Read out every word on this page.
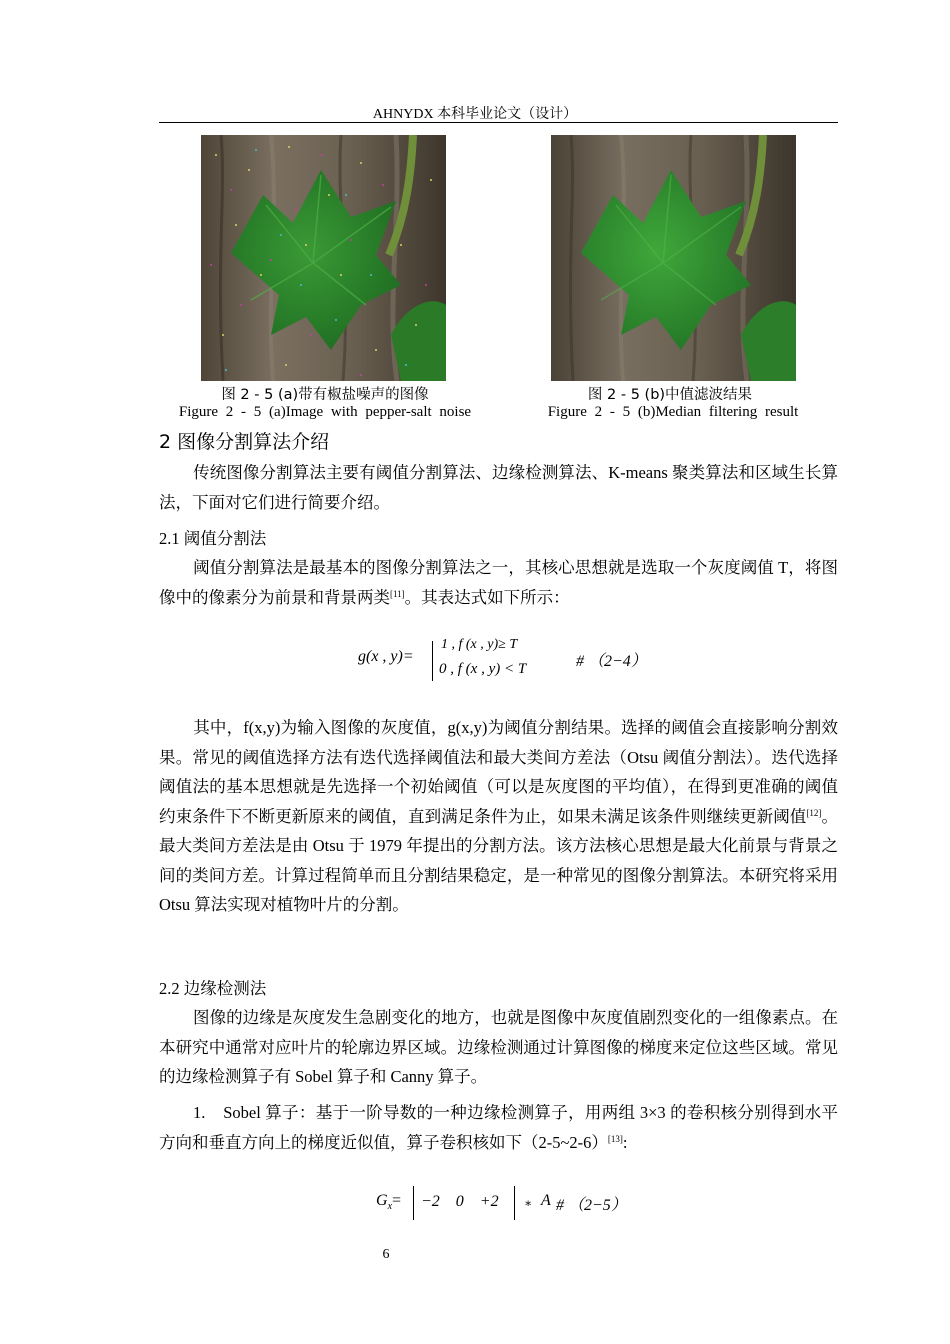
AHNYDX 本科毕业论文（设计）
图 2 - 5 (a)带有椒盐噪声的图像	图 2 - 5 (b)中值滤波结果
Figure 2 - 5 (a)Image with pepper-salt noise	Figure 2 - 5 (b)Median filtering result
2 图像分割算法介绍
传统图像分割算法主要有阈值分割算法、边缘检测算法、K-means 聚类算法和区域生长算法，下面对它们进行简要介绍。
2.1 阈值分割法
阈值分割算法是最基本的图像分割算法之一，其核心思想就是选取一个灰度阈值 T，将图像中的像素分为前景和背景两类[11]。其表达式如下所示：
g(x , y)=
1 , f (x , y)≥ T
0 , f (x , y) < T	# （2−4）
其中，f(x,y)为输入图像的灰度值，g(x,y)为阈值分割结果。选择的阈值会直接影响分割效果。常见的阈值选择方法有迭代选择阈值法和最大类间方差法（Otsu 阈值分割法）。迭代选择阈值法的基本思想就是先选择一个初始阈值（可以是灰度图的平均值），在得到更准确的阈值约束条件下不断更新原来的阈值，直到满足条件为止，如果未满足该条件则继续更新阈值[12]。最大类间方差法是由 Otsu 于 1979 年提出的分割方法。该方法核心思想是最大化前景与背景之间的类间方差。计算过程简单而且分割结果稳定，是一种常见的图像分割算法。本研究将采用 Otsu 算法实现对植物叶片的分割。
2.2 边缘检测法
图像的边缘是灰度发生急剧变化的地方，也就是图像中灰度值剧烈变化的一组像素点。在本研究中通常对应叶片的轮廓边界区域。边缘检测通过计算图像的梯度来定位这些区域。常见的边缘检测算子有 Sobel 算子和 Canny 算子。
1. Sobel 算子：基于一阶导数的一种边缘检测算子，用两组 3×3 的卷积核分别得到水平方向和垂直方向上的梯度近似值，算子卷积核如下（2-5~2-6）[13]:
$G_x= -2$    0    +2 ∗ A # （2−5）
6
